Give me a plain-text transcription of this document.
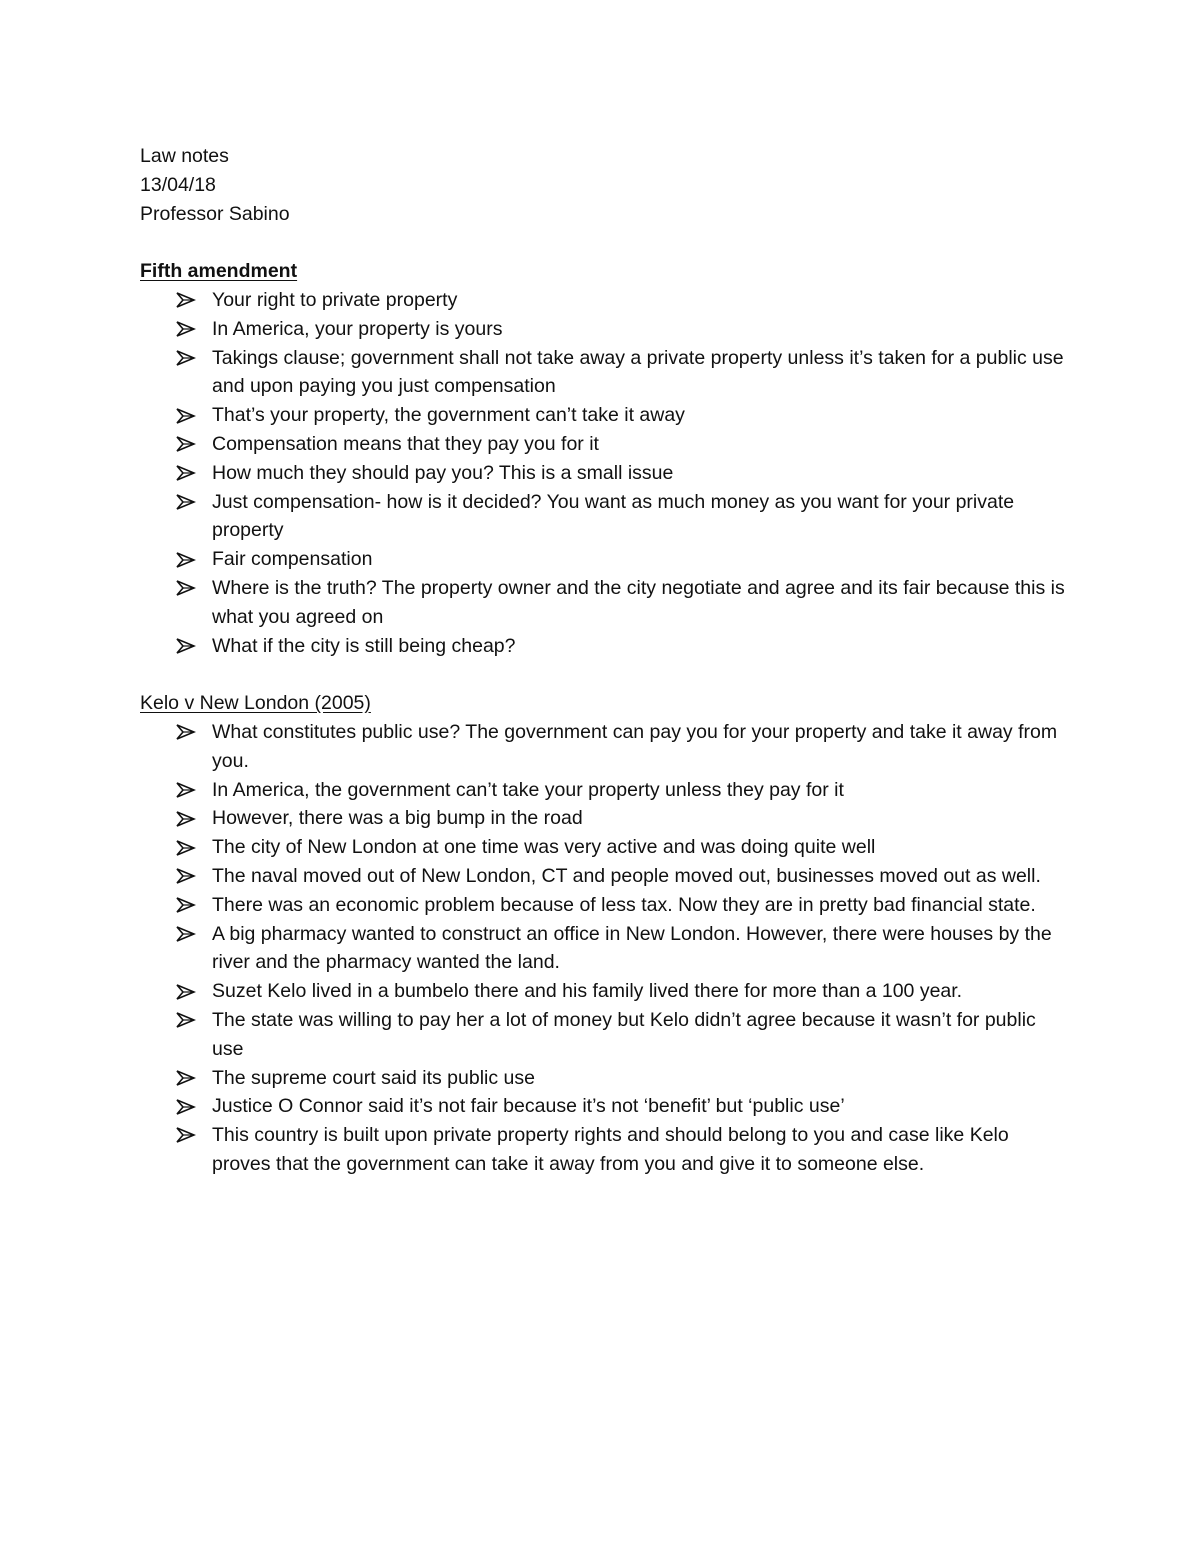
Law notes
13/04/18
Professor Sabino
Fifth amendment
Your right to private property
In America, your property is yours
Takings clause; government shall not take away a private property unless it’s taken for a public use and upon paying you just compensation
That’s your property, the government can’t take it away
Compensation means that they pay you for it
How much they should pay you? This is a small issue
Just compensation- how is it decided? You want as much money as you want for your private property
Fair compensation
Where is the truth? The property owner and the city negotiate and agree and its fair because this is what you agreed on
What if the city is still being cheap?
Kelo v New London (2005)
What constitutes public use? The government can pay you for your property and take it away from you.
In America, the government can’t take your property unless they pay for it
However, there was a big bump in the road
The city of New London at one time was very active and was doing quite well
The naval moved out of New London, CT and people moved out, businesses moved out as well.
There was an economic problem because of less tax. Now they are in pretty bad financial state.
A big pharmacy wanted to construct an office in New London. However, there were houses by the river and the pharmacy wanted the land.
Suzet Kelo lived in a bumbelo there and his family lived there for more than a 100 year.
The state was willing to pay her a lot of money but Kelo didn’t agree because it wasn’t for public use
The supreme court said its public use
Justice O Connor said it’s not fair because it’s not ‘benefit’ but ‘public use’
This country is built upon private property rights and should belong to you and case like Kelo proves that the government can take it away from you and give it to someone else.
